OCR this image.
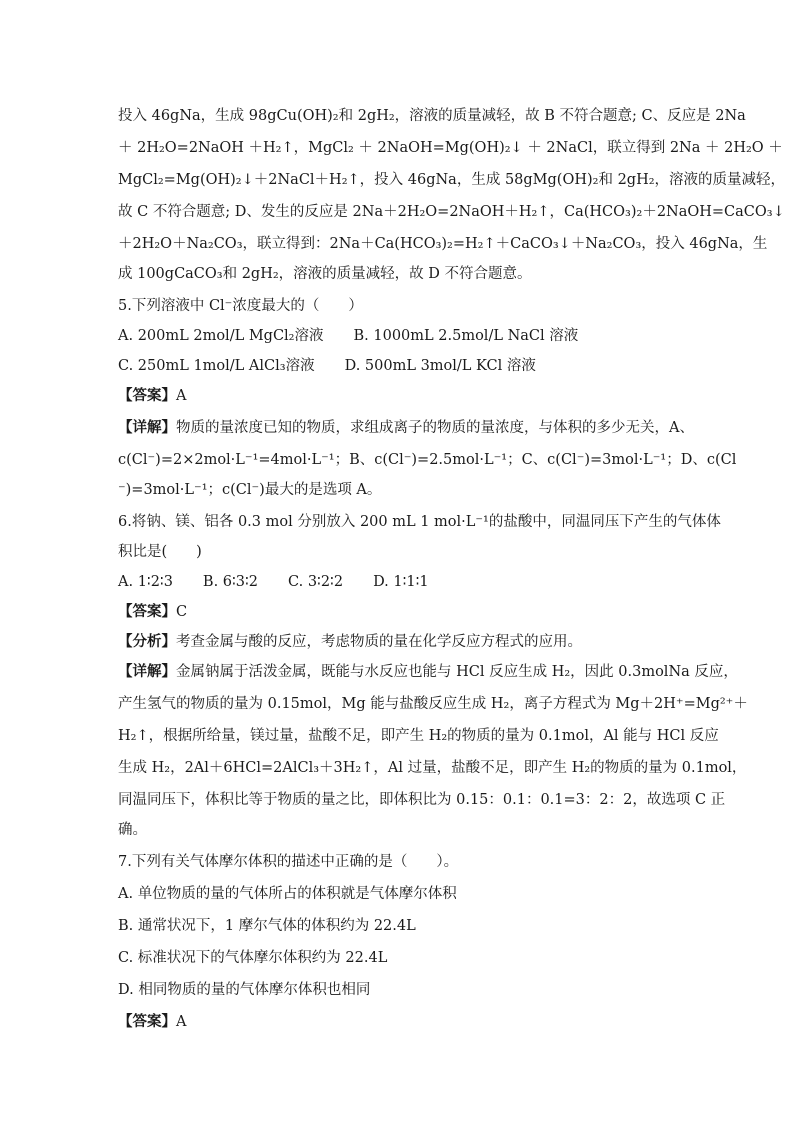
投入 46gNa，生成 98gCu(OH)₂和 2gH₂，溶液的质量减轻，故 B 不符合题意; C、反应是 2Na
＋ 2H₂O=2NaOH ＋H₂↑，MgCl₂ ＋ 2NaOH=Mg(OH)₂↓ ＋ 2NaCl，联立得到 2Na ＋ 2H₂O ＋
MgCl₂=Mg(OH)₂↓＋2NaCl＋H₂↑，投入 46gNa，生成 58gMg(OH)₂和 2gH₂，溶液的质量减轻，
故 C 不符合题意; D、发生的反应是 2Na＋2H₂O=2NaOH＋H₂↑，Ca(HCO₃)₂＋2NaOH=CaCO₃↓
＋2H₂O＋Na₂CO₃，联立得到：2Na＋Ca(HCO₃)₂=H₂↑＋CaCO₃↓＋Na₂CO₃，投入 46gNa，生
成 100gCaCO₃和 2gH₂，溶液的质量减轻，故 D 不符合题意。
5.下列溶液中 Cl⁻浓度最大的（　　）
A. 200mL 2mol/L MgCl₂溶液 B. 1000mL 2.5mol/L NaCl 溶液
C. 250mL 1mol/L AlCl₃溶液 D. 500mL 3mol/L KCl 溶液
【答案】A
【详解】物质的量浓度已知的物质，求组成离子的物质的量浓度，与体积的多少无关，A、
c(Cl⁻)=2×2mol·L⁻¹=4mol·L⁻¹；B、c(Cl⁻)=2.5mol·L⁻¹；C、c(Cl⁻)=3mol·L⁻¹；D、c(Cl
⁻)=3mol·L⁻¹；c(Cl⁻)最大的是选项 A。
6.将钠、镁、铝各 0.3 mol 分别放入 200 mL 1 mol·L⁻¹的盐酸中，同温同压下产生的气体体
积比是(　　)
A. 1∶2∶3 B. 6∶3∶2 C. 3∶2∶2 D. 1∶1∶1
【答案】C
【分析】考查金属与酸的反应，考虑物质的量在化学反应方程式的应用。
【详解】金属钠属于活泼金属，既能与水反应也能与 HCl 反应生成 H₂，因此 0.3molNa 反应，
产生氢气的物质的量为 0.15mol，Mg 能与盐酸反应生成 H₂，离子方程式为 Mg＋2H⁺=Mg²⁺＋
H₂↑，根据所给量，镁过量，盐酸不足，即产生 H₂的物质的量为 0.1mol，Al 能与 HCl 反应
生成 H₂，2Al＋6HCl=2AlCl₃＋3H₂↑，Al 过量，盐酸不足，即产生 H₂的物质的量为 0.1mol，
同温同压下，体积比等于物质的量之比，即体积比为 0.15：0.1：0.1=3：2：2，故选项 C 正
确。
7.下列有关气体摩尔体积的描述中正确的是（　　）。
A. 单位物质的量的气体所占的体积就是气体摩尔体积
B. 通常状况下，1 摩尔气体的体积约为 22.4L
C. 标准状况下的气体摩尔体积约为 22.4L
D. 相同物质的量的气体摩尔体积也相同
【答案】A
